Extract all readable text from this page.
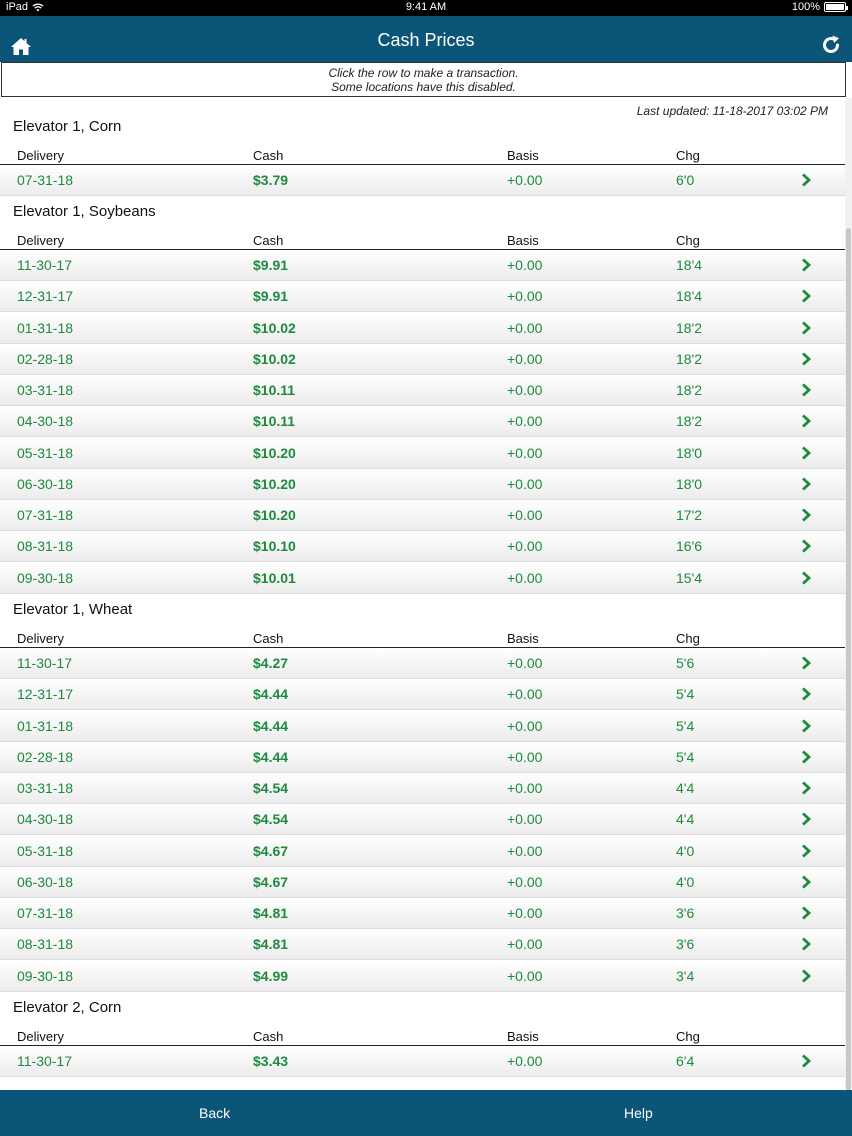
iPad	9:41 AM	100%
Cash Prices
Click the row to make a transaction.
Some locations have this disabled.
Last updated: 11-18-2017 03:02 PM
Elevator 1, Corn
Delivery	Cash	Basis	Chg
07-31-18	$3.79	+0.00	6'0
Elevator 1, Soybeans
Delivery	Cash	Basis	Chg
11-30-17	$9.91	+0.00	18'4
12-31-17	$9.91	+0.00	18'4
01-31-18	$10.02	+0.00	18'2
02-28-18	$10.02	+0.00	18'2
03-31-18	$10.11	+0.00	18'2
04-30-18	$10.11	+0.00	18'2
05-31-18	$10.20	+0.00	18'0
06-30-18	$10.20	+0.00	18'0
07-31-18	$10.20	+0.00	17'2
08-31-18	$10.10	+0.00	16'6
09-30-18	$10.01	+0.00	15'4
Elevator 1, Wheat
Delivery	Cash	Basis	Chg
11-30-17	$4.27	+0.00	5'6
12-31-17	$4.44	+0.00	5'4
01-31-18	$4.44	+0.00	5'4
02-28-18	$4.44	+0.00	5'4
03-31-18	$4.54	+0.00	4'4
04-30-18	$4.54	+0.00	4'4
05-31-18	$4.67	+0.00	4'0
06-30-18	$4.67	+0.00	4'0
07-31-18	$4.81	+0.00	3'6
08-31-18	$4.81	+0.00	3'6
09-30-18	$4.99	+0.00	3'4
Elevator 2, Corn
Delivery	Cash	Basis	Chg
11-30-17	$3.43	+0.00	6'4
Back	Help
